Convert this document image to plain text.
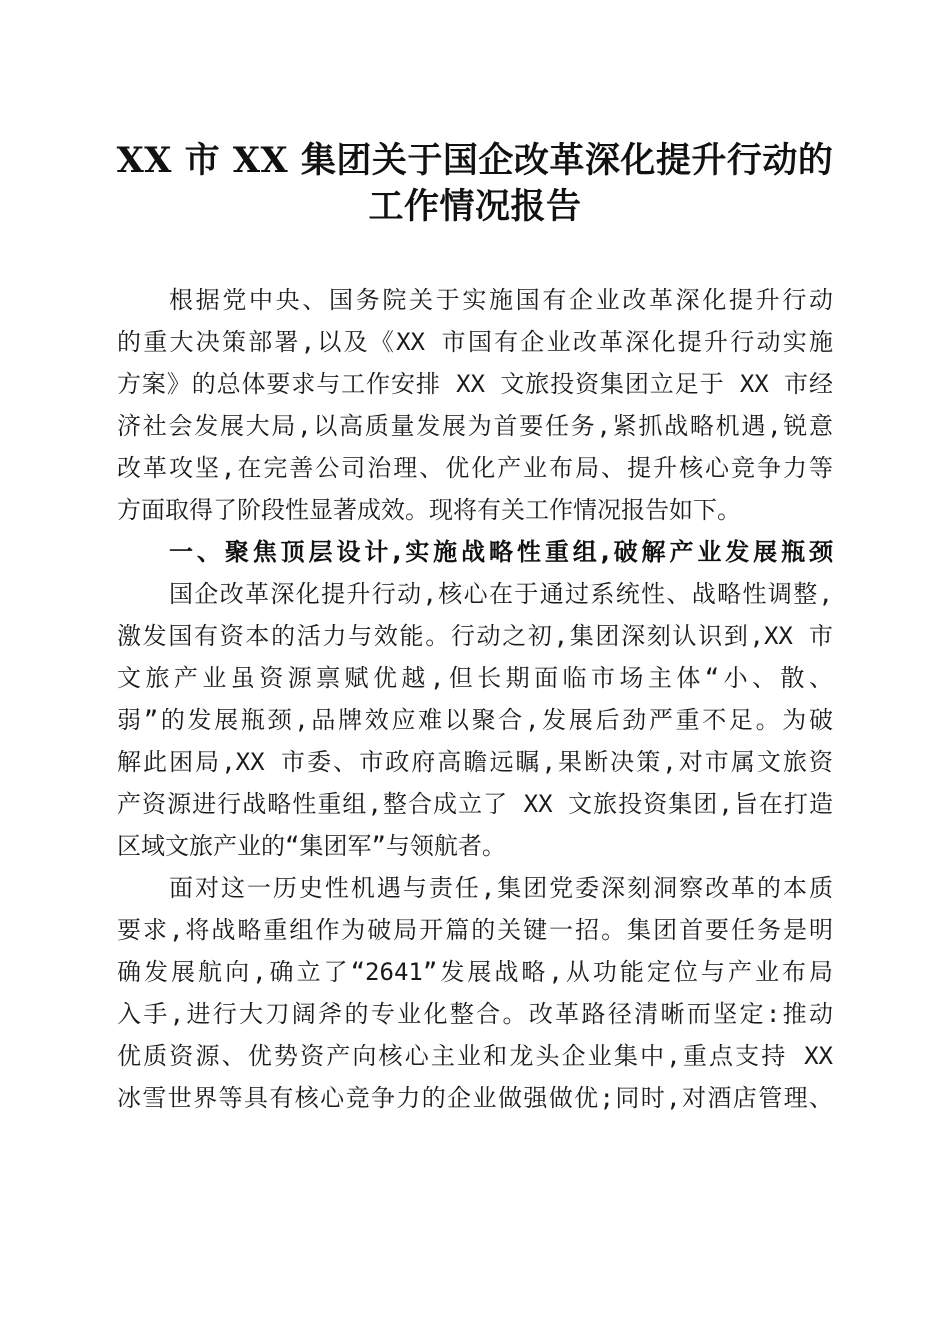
XX 市 XX 集团关于国企改革深化提升行动的
工作情况报告
根据党中央、国务院关于实施国有企业改革深化提升行动
的重大决策部署,以及《XX 市国有企业改革深化提升行动实施
方案》的总体要求与工作安排 XX 文旅投资集团立足于 XX 市经
济社会发展大局,以高质量发展为首要任务,紧抓战略机遇,锐意
改革攻坚,在完善公司治理、优化产业布局、提升核心竞争力等
方面取得了阶段性显著成效。现将有关工作情况报告如下。
一、聚焦顶层设计,实施战略性重组,破解产业发展瓶颈
国企改革深化提升行动,核心在于通过系统性、战略性调整,
激发国有资本的活力与效能。行动之初,集团深刻认识到,XX 市
文旅产业虽资源禀赋优越,但长期面临市场主体“小、散、
弱”的发展瓶颈,品牌效应难以聚合,发展后劲严重不足。为破
解此困局,XX 市委、市政府高瞻远瞩,果断决策,对市属文旅资
产资源进行战略性重组,整合成立了 XX 文旅投资集团,旨在打造
区域文旅产业的“集团军”与领航者。
面对这一历史性机遇与责任,集团党委深刻洞察改革的本质
要求,将战略重组作为破局开篇的关键一招。集团首要任务是明
确发展航向,确立了“2641”发展战略,从功能定位与产业布局
入手,进行大刀阔斧的专业化整合。改革路径清晰而坚定:推动
优质资源、优势资产向核心主业和龙头企业集中,重点支持 XX
冰雪世界等具有核心竞争力的企业做强做优;同时,对酒店管理、
